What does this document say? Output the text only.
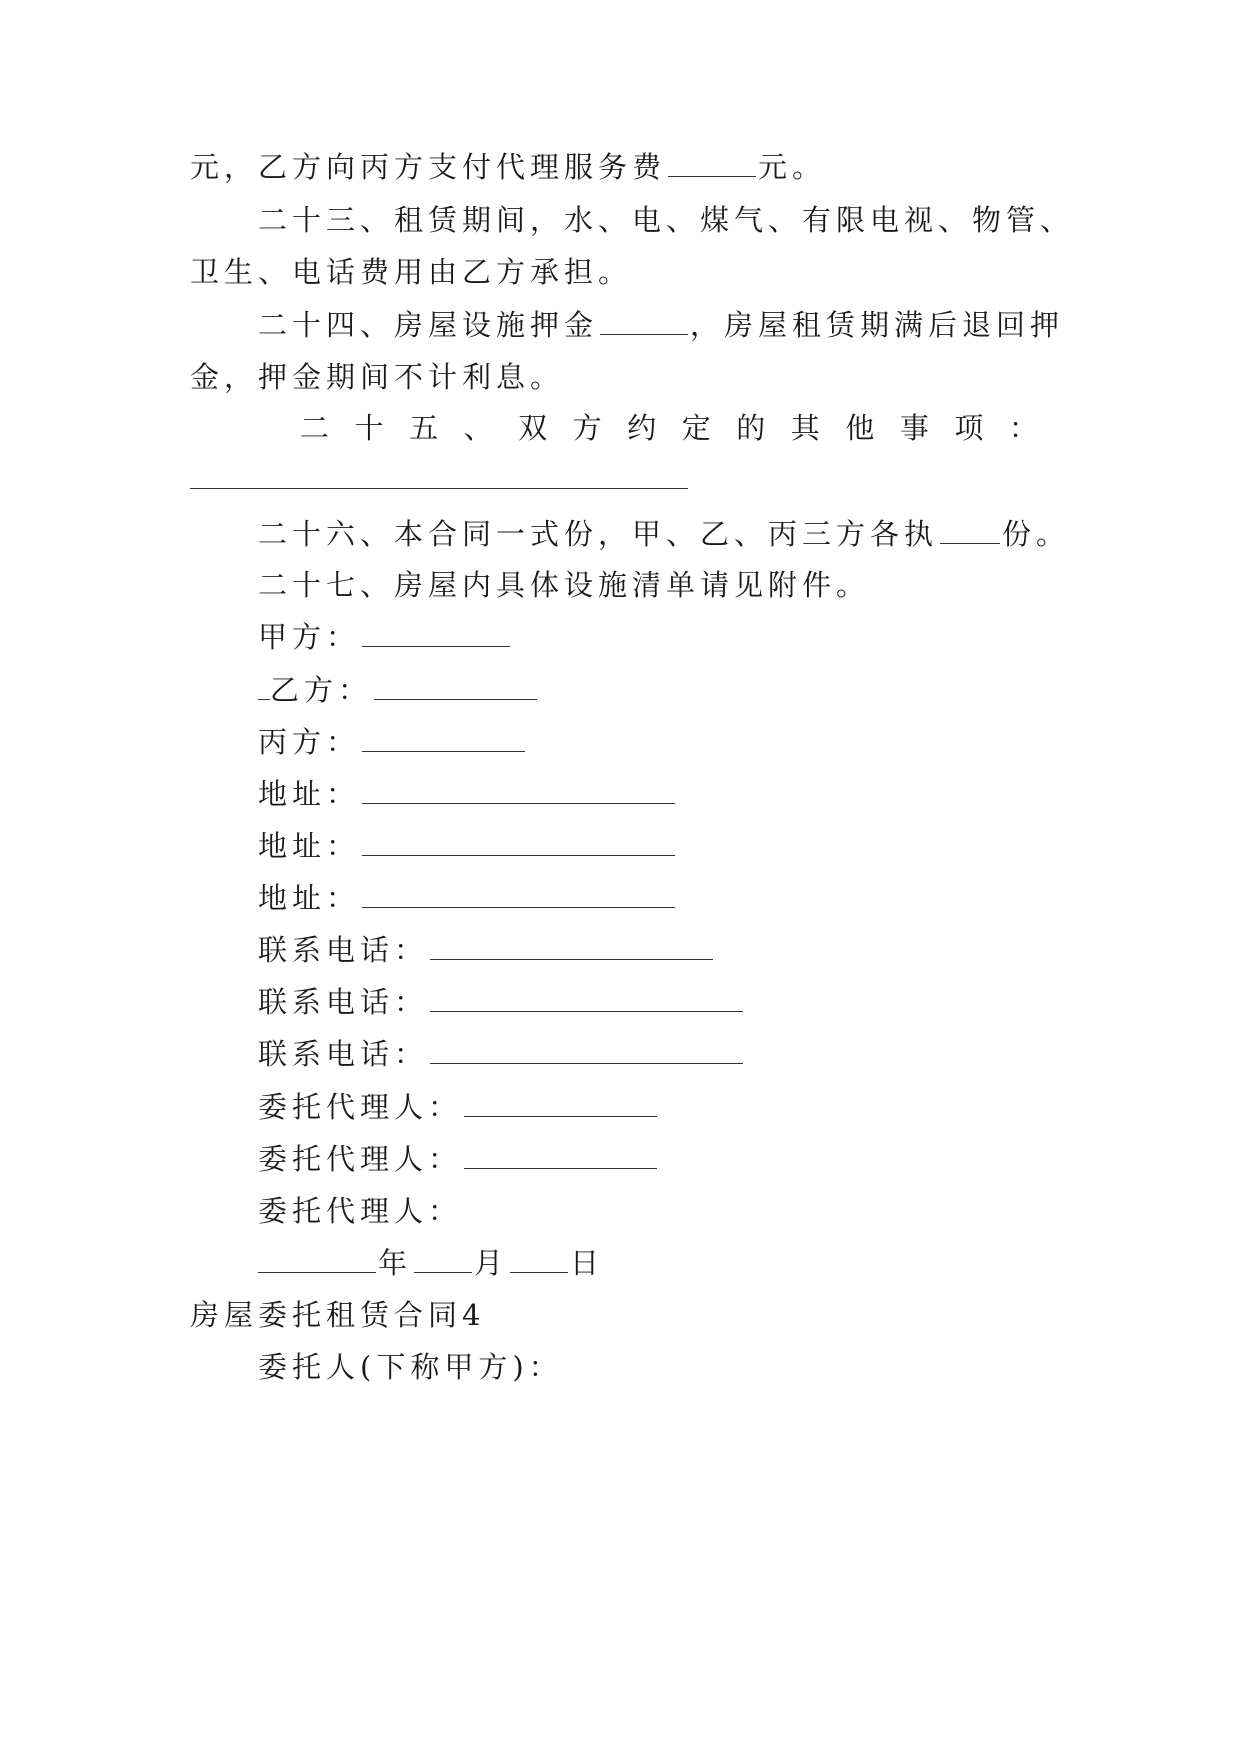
元，乙方向丙方支付代理服务费	元。
二十三、租赁期间，水、电、煤气、有限电视、物管、
卫生、电话费用由乙方承担。
二十四、房屋设施押金	，房屋租赁期满后退回押
金，押金期间不计利息。
二 十 五 、 双 方 约 定 的 其 他 事 项 ：
二十六、本合同一式份，甲、乙、丙三方各执 份。
二十七、房屋内具体设施清单请见附件。
甲方：
乙方：
丙方：
地址：
地址：
地址：
联系电话：
联系电话：
联系电话：
委托代理人：
委托代理人：
委托代理人：
年 月 日
房屋委托租赁合同4
委托人(下称甲方)：
